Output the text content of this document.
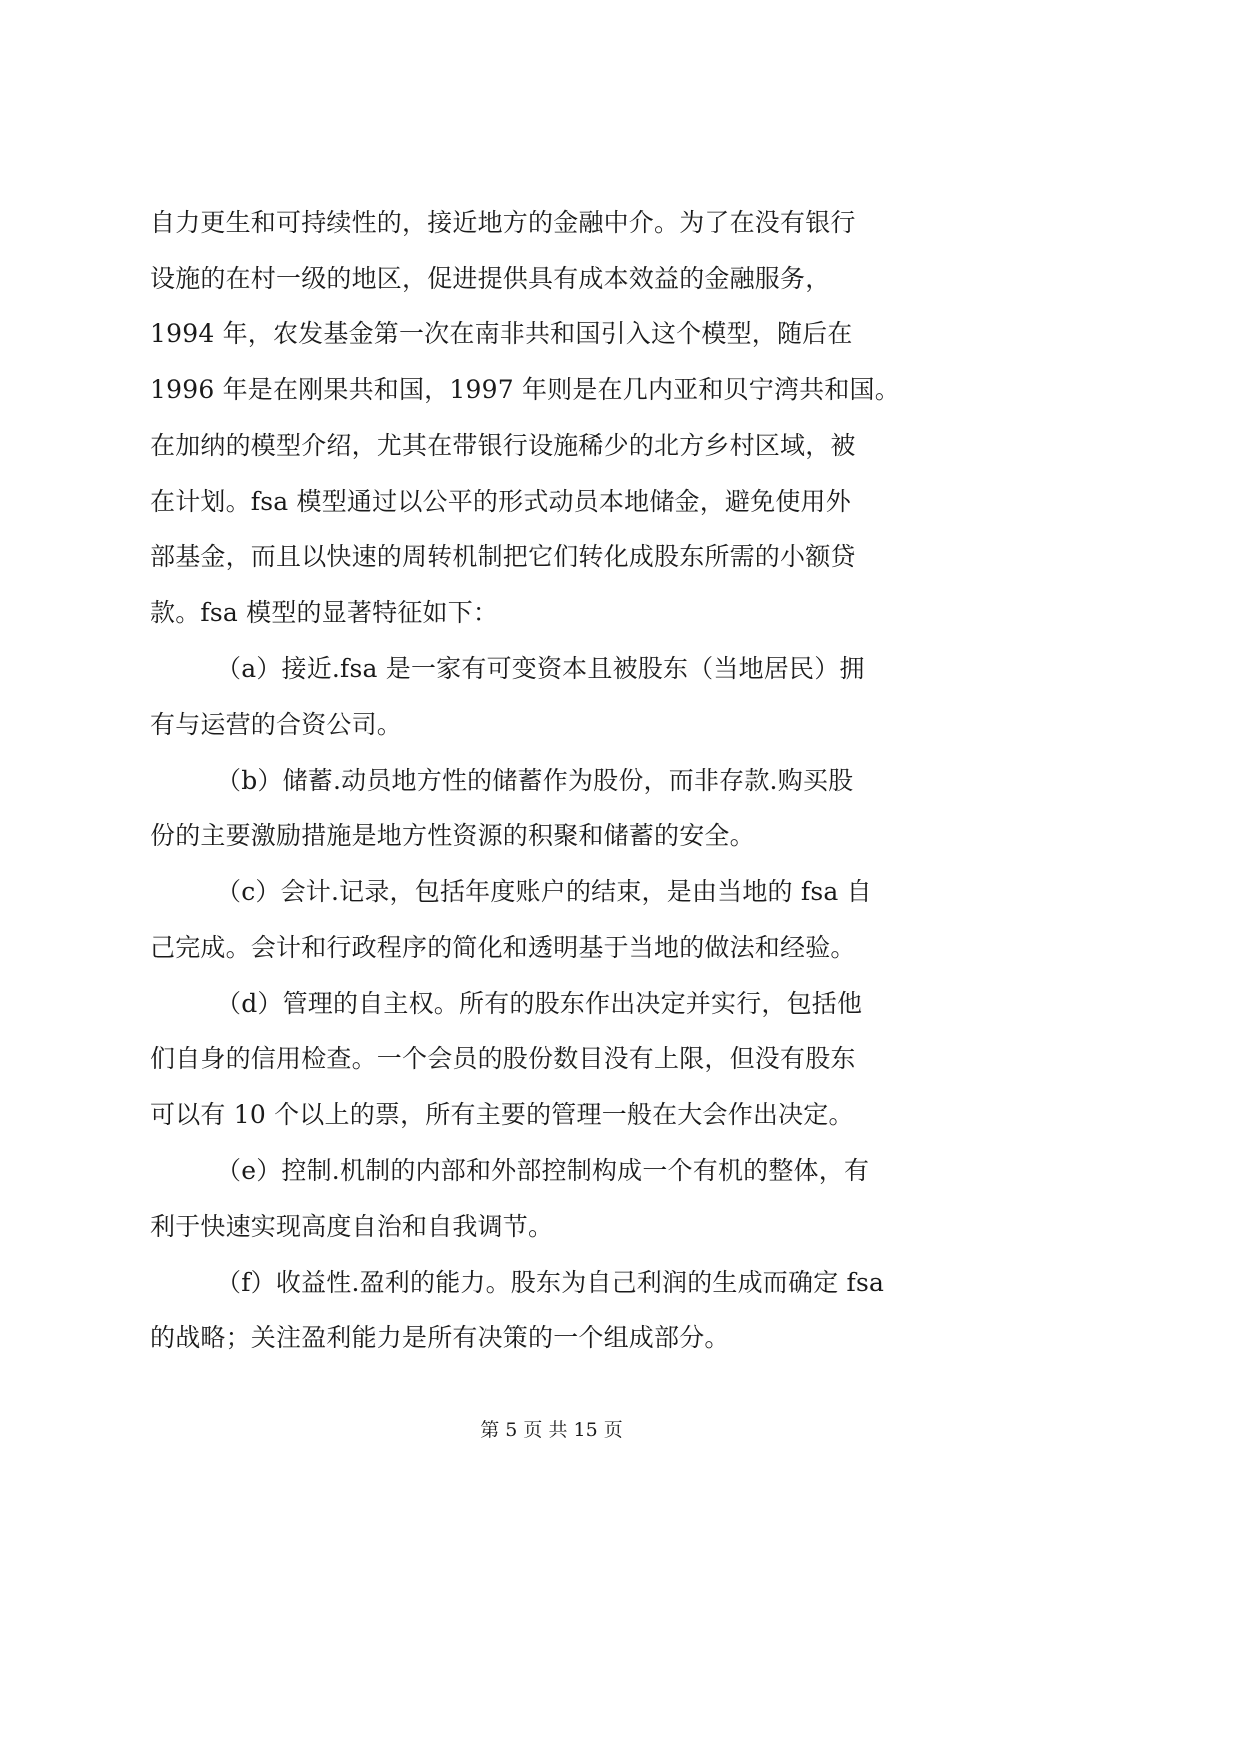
自力更生和可持续性的，接近地方的金融中介。为了在没有银行
设施的在村一级的地区，促进提供具有成本效益的金融服务，
1994 年，农发基金第一次在南非共和国引入这个模型，随后在
1996 年是在刚果共和国，1997 年则是在几内亚和贝宁湾共和国。
在加纳的模型介绍，尤其在带银行设施稀少的北方乡村区域，被
在计划。fsa 模型通过以公平的形式动员本地储金，避免使用外
部基金，而且以快速的周转机制把它们转化成股东所需的小额贷
款。fsa 模型的显著特征如下：
（a）接近.fsa 是一家有可变资本且被股东（当地居民）拥
有与运营的合资公司。
（b）储蓄.动员地方性的储蓄作为股份，而非存款.购买股
份的主要激励措施是地方性资源的积聚和储蓄的安全。
（c）会计.记录，包括年度账户的结束，是由当地的 fsa 自
己完成。会计和行政程序的简化和透明基于当地的做法和经验。
（d）管理的自主权。所有的股东作出决定并实行，包括他
们自身的信用检查。一个会员的股份数目没有上限，但没有股东
可以有 10 个以上的票，所有主要的管理一般在大会作出决定。
（e）控制.机制的内部和外部控制构成一个有机的整体，有
利于快速实现高度自治和自我调节。
（f）收益性.盈利的能力。股东为自己利润的生成而确定 fsa
的战略；关注盈利能力是所有决策的一个组成部分。
第 5 页 共 15 页
